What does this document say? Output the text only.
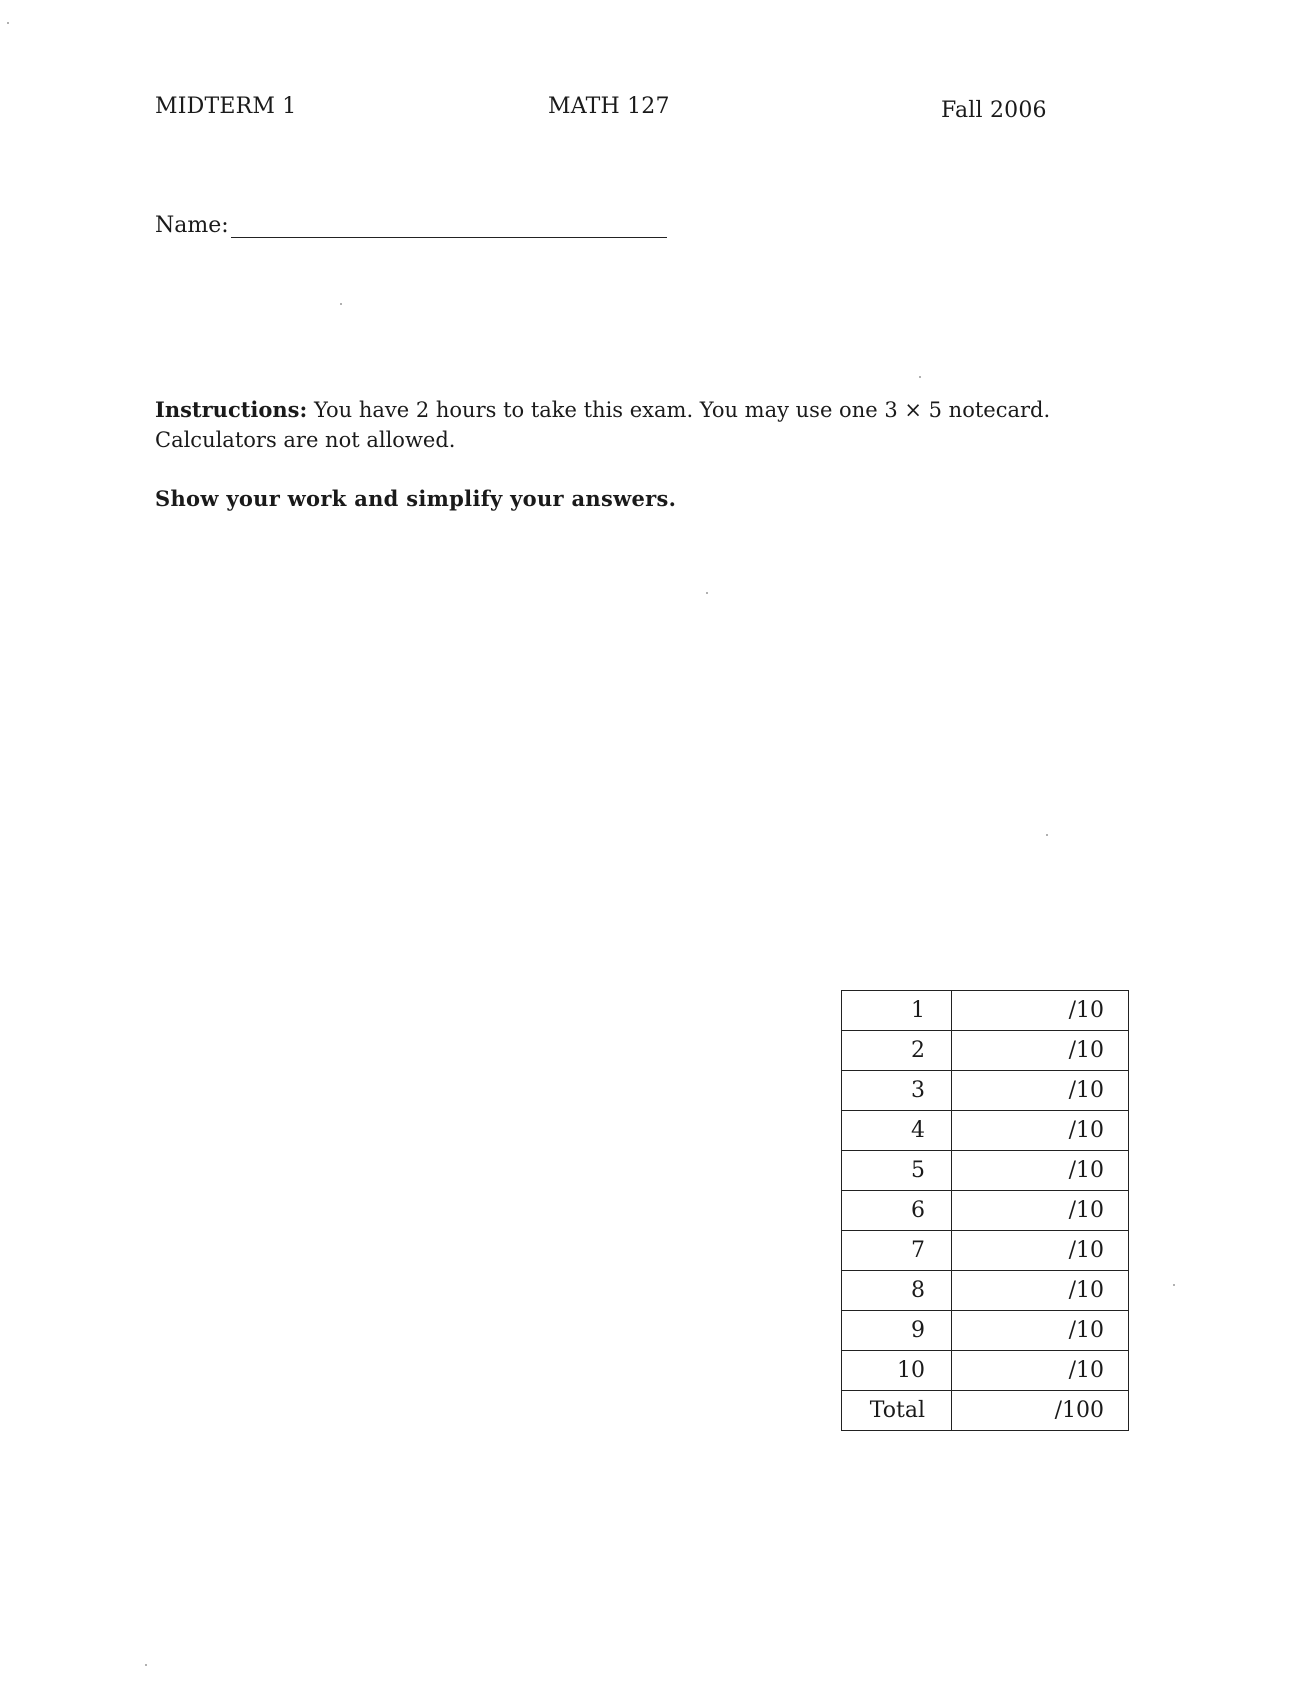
MIDTERM 1	MATH 127	Fall 2006
Name:

Instructions: You have 2 hours to take this exam. You may use one 3 × 5 notecard.

Calculators are not allowed.

Show your work and simplify your answers.
1	/10
2	/10
3	/10
4	/10
5	/10
6	/10
7	/10
8	/10
9	/10
10	/10
Total	/100
